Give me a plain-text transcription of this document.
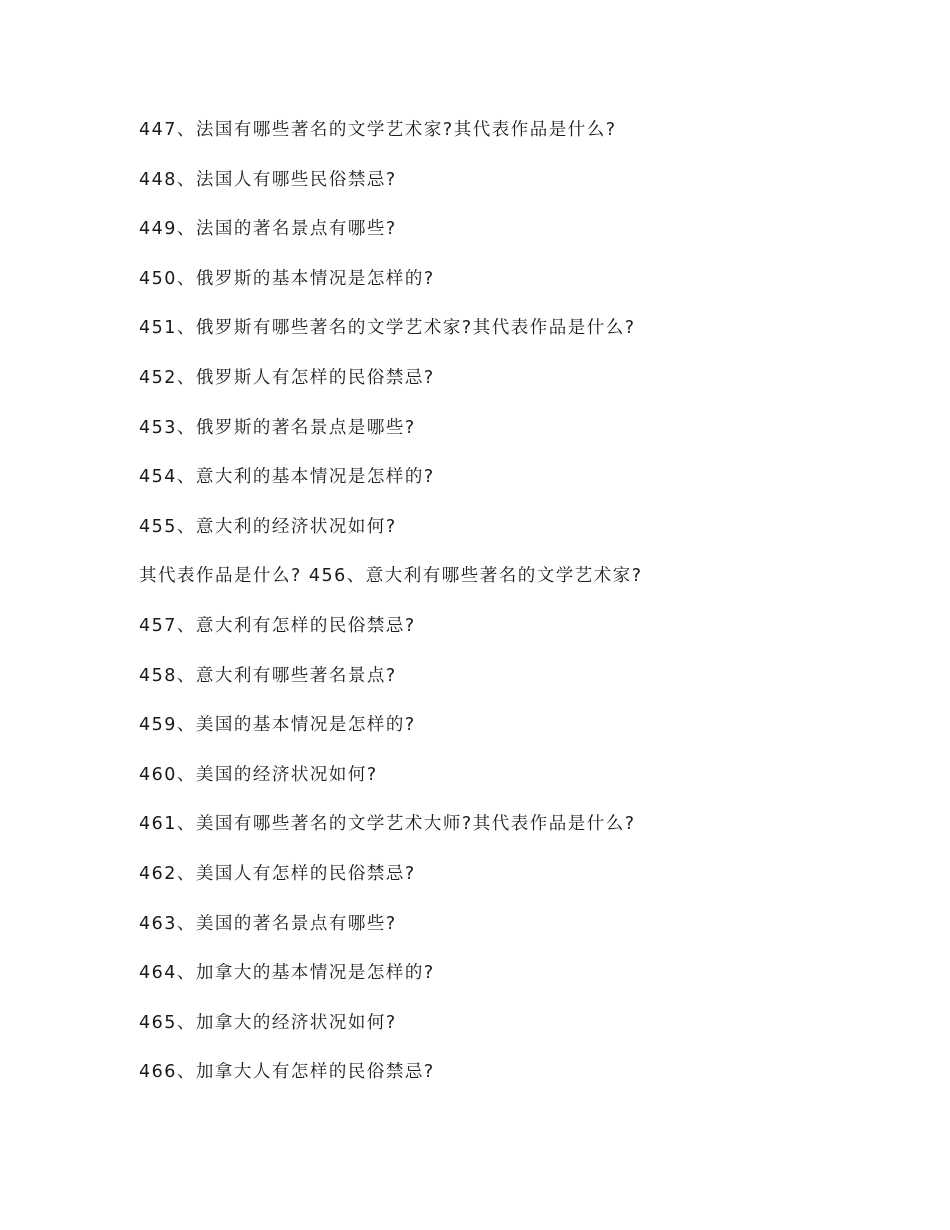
447、法国有哪些著名的文学艺术家?其代表作品是什么?
448、法国人有哪些民俗禁忌?
449、法国的著名景点有哪些?
450、俄罗斯的基本情况是怎样的?
451、俄罗斯有哪些著名的文学艺术家?其代表作品是什么?
452、俄罗斯人有怎样的民俗禁忌?
453、俄罗斯的著名景点是哪些?
454、意大利的基本情况是怎样的?
455、意大利的经济状况如何?
其代表作品是什么? 456、意大利有哪些著名的文学艺术家?
457、意大利有怎样的民俗禁忌?
458、意大利有哪些著名景点?
459、美国的基本情况是怎样的?
460、美国的经济状况如何?
461、美国有哪些著名的文学艺术大师?其代表作品是什么?
462、美国人有怎样的民俗禁忌?
463、美国的著名景点有哪些?
464、加拿大的基本情况是怎样的?
465、加拿大的经济状况如何?
466、加拿大人有怎样的民俗禁忌?
